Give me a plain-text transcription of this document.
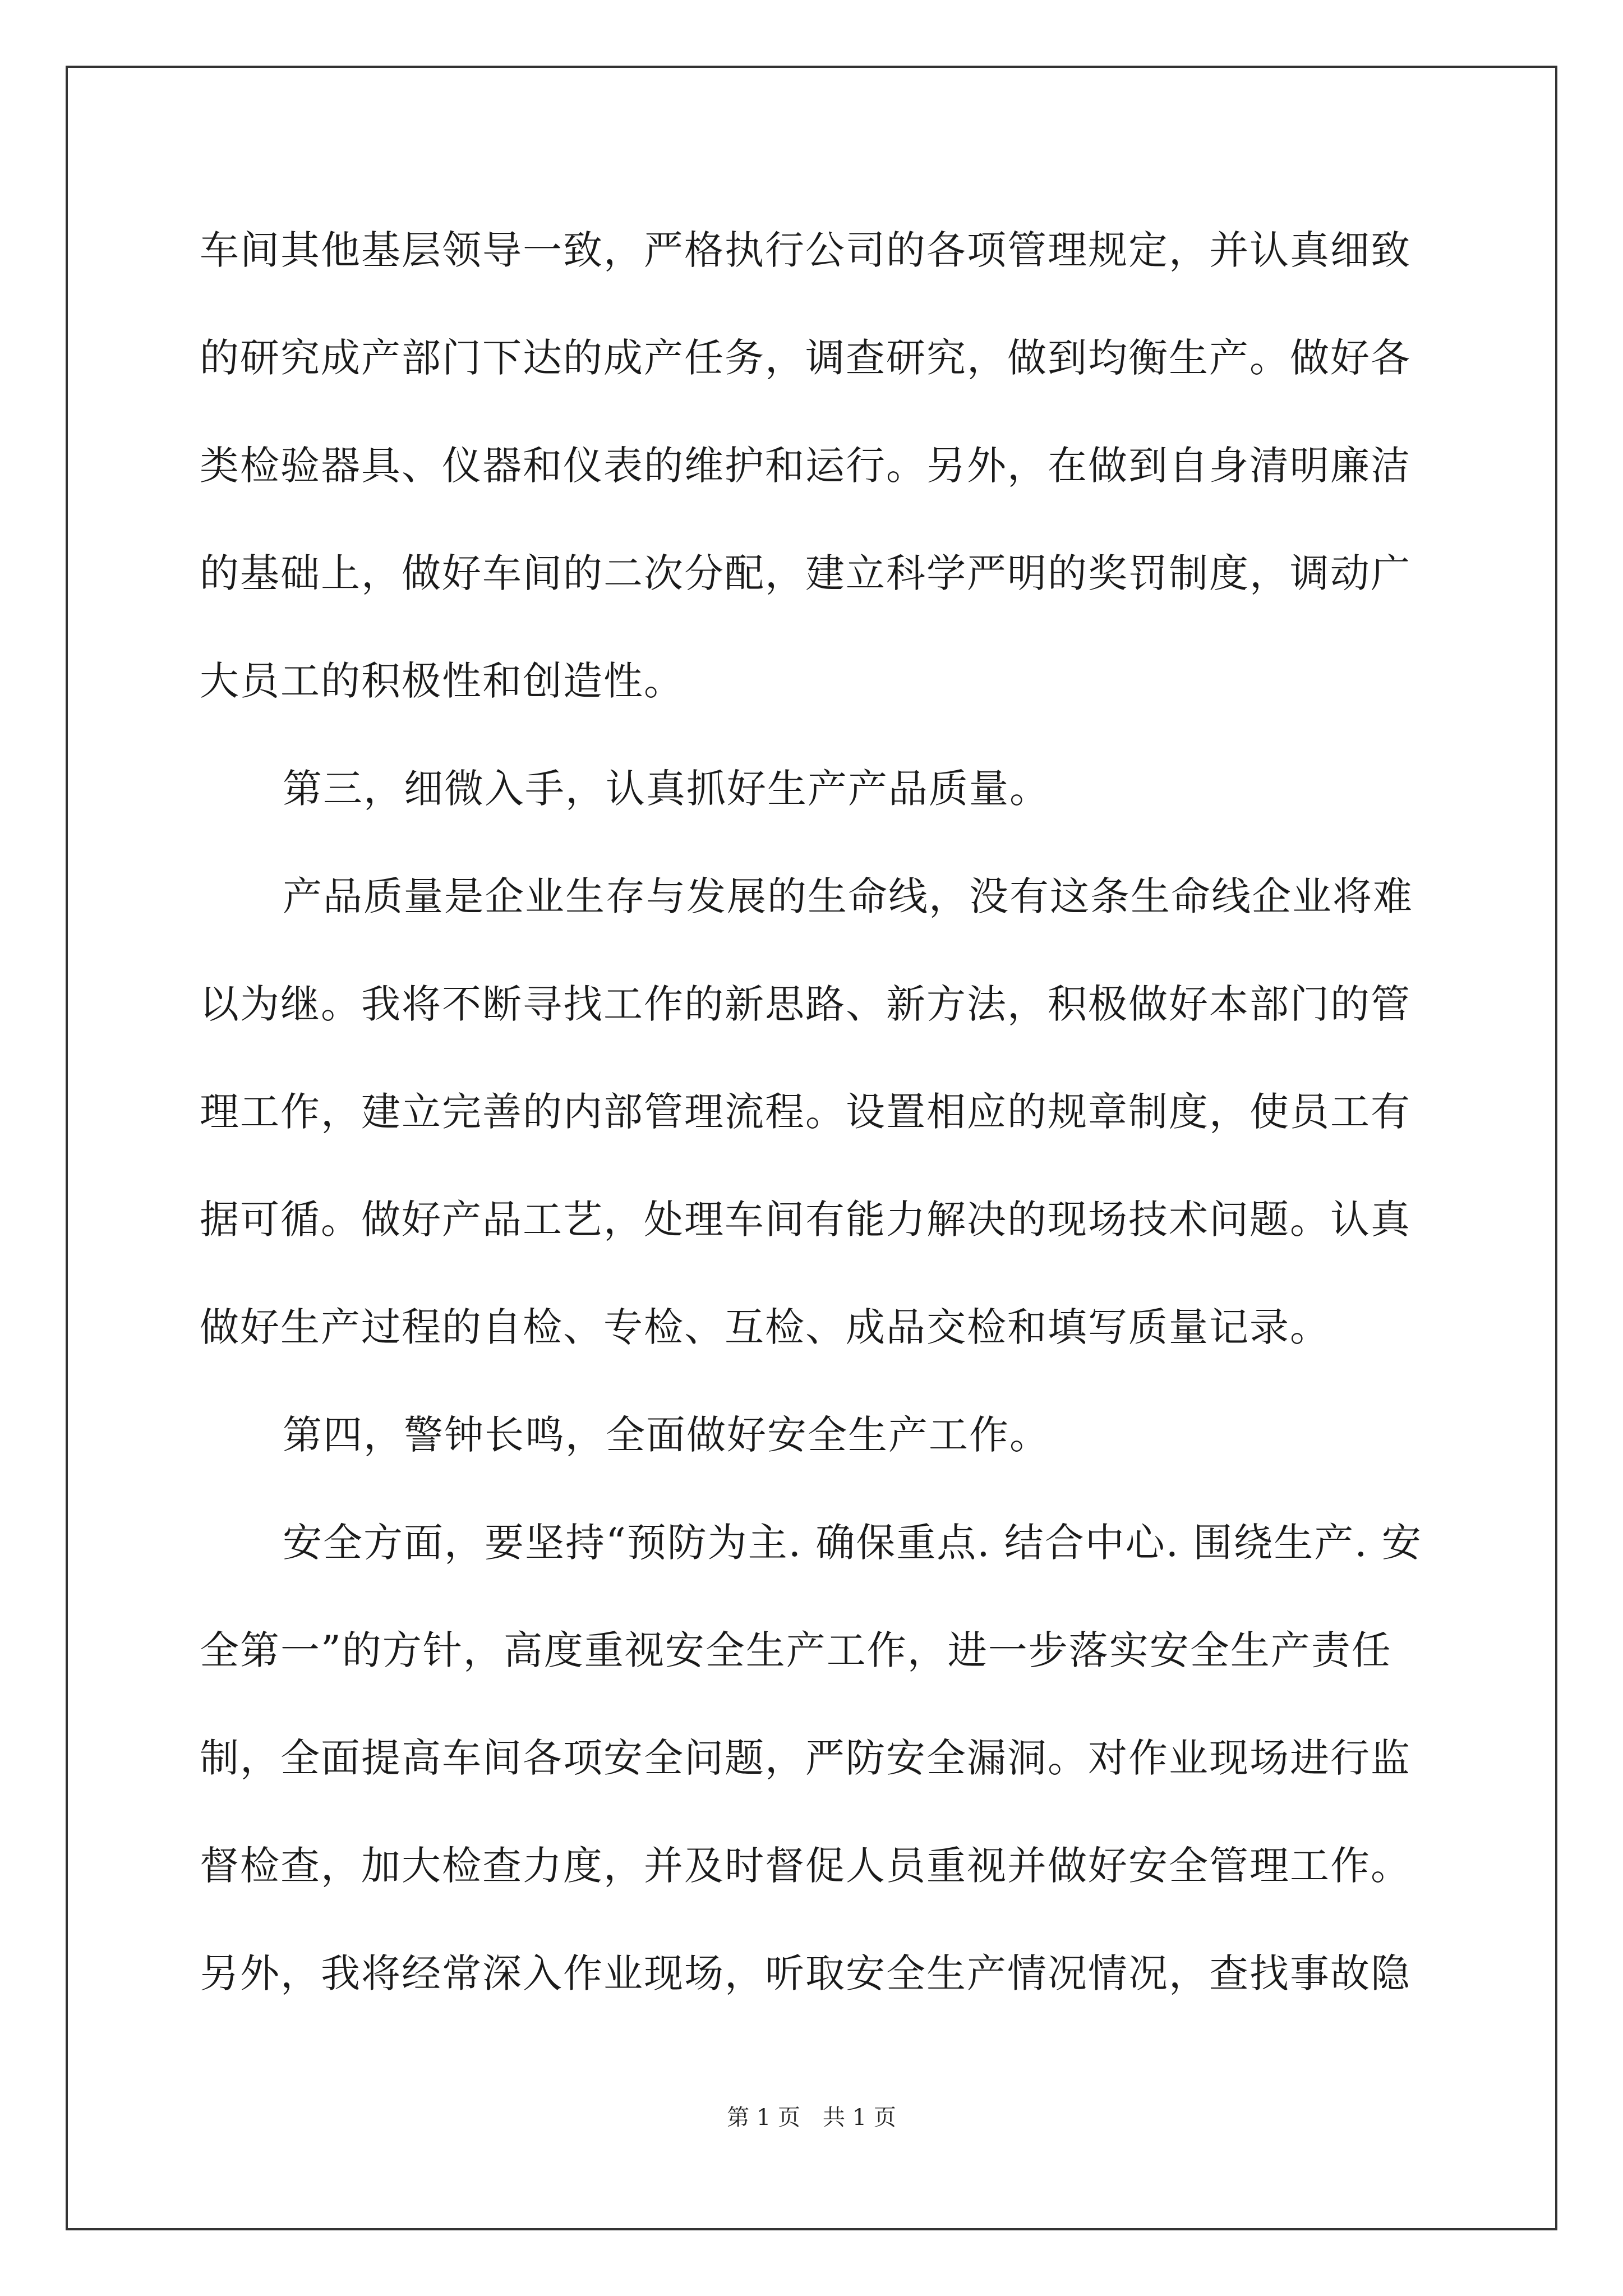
车间其他基层领导一致，严格执行公司的各项管理规定，并认真细致
的研究成产部门下达的成产任务，调查研究，做到均衡生产。做好各
类检验器具、仪器和仪表的维护和运行。另外，在做到自身清明廉洁
的基础上，做好车间的二次分配，建立科学严明的奖罚制度，调动广
大员工的积极性和创造性。
第三，细微入手，认真抓好生产产品质量。
产品质量是企业生存与发展的生命线，没有这条生命线企业将难
以为继。我将不断寻找工作的新思路、新方法，积极做好本部门的管
理工作，建立完善的内部管理流程。设置相应的规章制度，使员工有
据可循。做好产品工艺，处理车间有能力解决的现场技术问题。认真
做好生产过程的自检、专检、互检、成品交检和填写质量记录。
第四，警钟长鸣，全面做好安全生产工作。
安全方面，要坚持“预防为主. 确保重点. 结合中心. 围绕生产. 安
全第一”的方针，高度重视安全生产工作，进一步落实安全生产责任
制，全面提高车间各项安全问题，严防安全漏洞。对作业现场进行监
督检查，加大检查力度，并及时督促人员重视并做好安全管理工作。
另外，我将经常深入作业现场，听取安全生产情况情况，查找事故隐
第 1 页 共 1 页
